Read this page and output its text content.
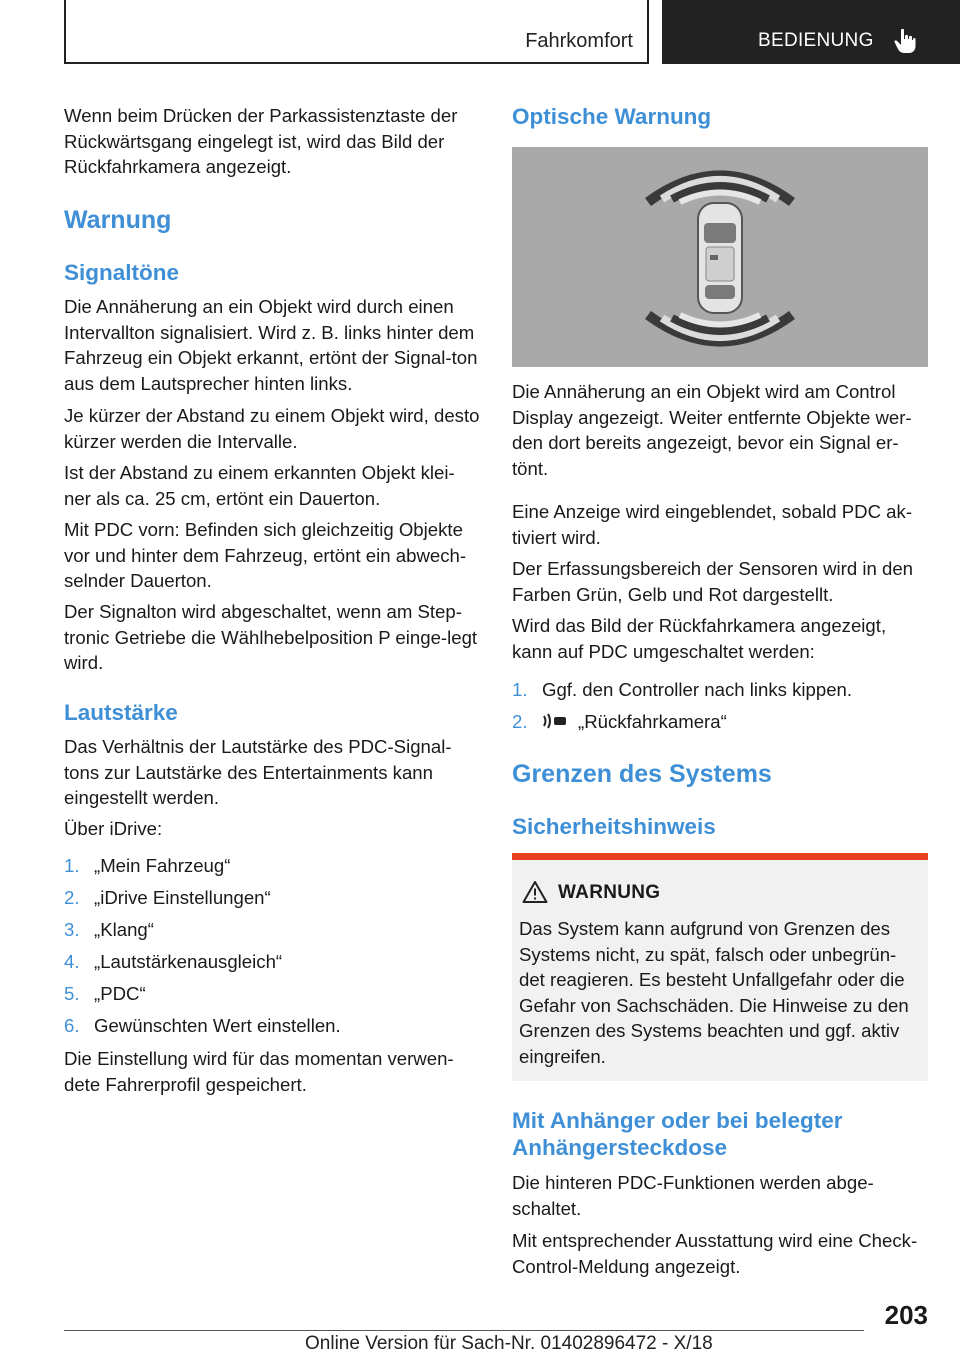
Fahrkomfort	BEDIENUNG

Wenn beim Drücken der Parkassistenztaste der Rückwärtsgang eingelegt ist, wird das Bild der Rückfahrkamera angezeigt.

Warnung
Signaltöne

Die Annäherung an ein Objekt wird durch einen Intervallton signalisiert. Wird z. B. links hinter dem Fahrzeug ein Objekt erkannt, ertönt der Signal-ton aus dem Lautsprecher hinten links.

Je kürzer der Abstand zu einem Objekt wird, desto kürzer werden die Intervalle.

Ist der Abstand zu einem erkannten Objekt klei-ner als ca. 25 cm, ertönt ein Dauerton.

Mit PDC vorn: Befinden sich gleichzeitig Objekte vor und hinter dem Fahrzeug, ertönt ein abwech-selnder Dauerton.

Der Signalton wird abgeschaltet, wenn am Step-tronic Getriebe die Wählhebelposition P einge-legt wird.

Lautstärke

Das Verhältnis der Lautstärke des PDC-Signal-tons zur Lautstärke des Entertainments kann eingestellt werden.

Über iDrive:

1. „Mein Fahrzeug“
2. „iDrive Einstellungen“
3. „Klang“
4. „Lautstärkenausgleich“
5. „PDC“
6. Gewünschten Wert einstellen.

Die Einstellung wird für das momentan verwen-dete Fahrerprofil gespeichert.

Optische Warnung

Die Annäherung an ein Objekt wird am Control Display angezeigt. Weiter entfernte Objekte wer-den dort bereits angezeigt, bevor ein Signal er-tönt.

Eine Anzeige wird eingeblendet, sobald PDC ak-tiviert wird.

Der Erfassungsbereich der Sensoren wird in den Farben Grün, Gelb und Rot dargestellt.

Wird das Bild der Rückfahrkamera angezeigt, kann auf PDC umgeschaltet werden:

1. Ggf. den Controller nach links kippen.
2.	„Rückfahrkamera“
Grenzen des Systems
Sicherheitshinweis
WARNUNG
Das System kann aufgrund von Grenzen des Systems nicht, zu spät, falsch oder unbegrün-det reagieren. Es besteht Unfallgefahr oder die Gefahr von Sachschäden. Die Hinweise zu den Grenzen des Systems beachten und ggf. aktiv eingreifen.
Mit Anhänger oder bei belegter Anhängersteckdose

Die hinteren PDC-Funktionen werden abge-schaltet.

Mit entsprechender Ausstattung wird eine Check-Control-Meldung angezeigt.

203
Online Version für Sach-Nr. 01402896472 - X/18
